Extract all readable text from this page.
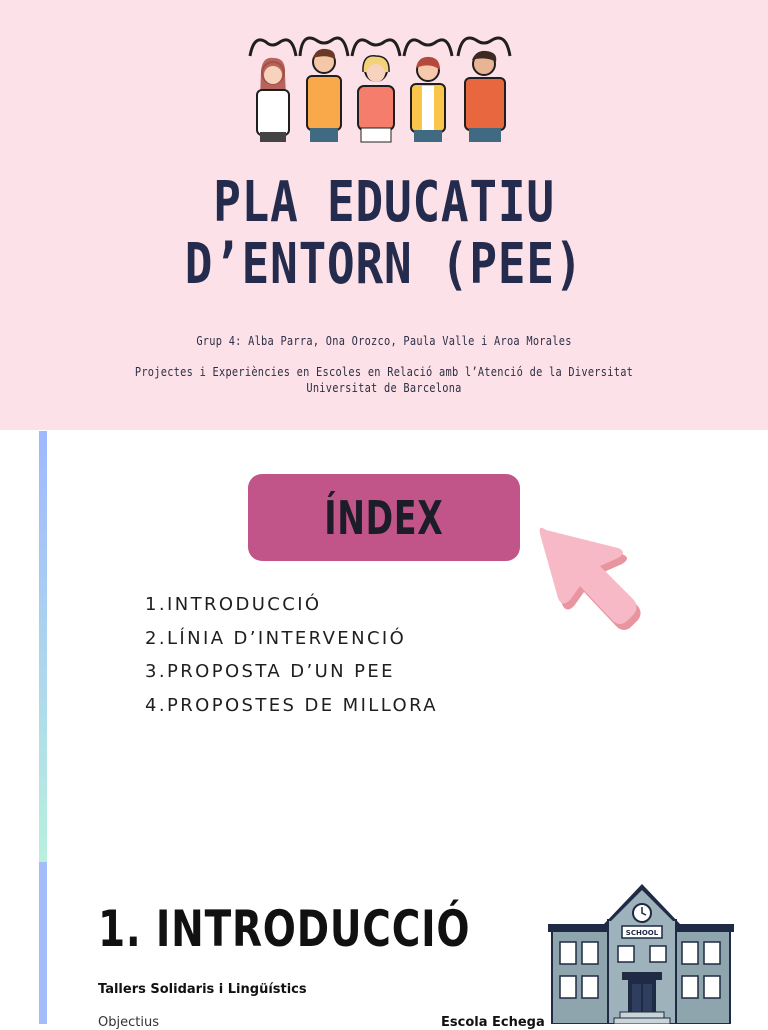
PLA EDUCATIU
D’ENTORN (PEE)
Grup 4: Alba Parra, Ona Orozco, Paula Valle i Aroa Morales
Projectes i Experiències en Escoles en Relació amb l’Atenció de la Diversitat
Universitat de Barcelona
ÍNDEX
1.INTRODUCCIÓ
2.LÍNIA D’INTERVENCIÓ
3.PROPOSTA D’UN PEE
4.PROPOSTES DE MILLORA
1. INTRODUCCIÓ
Tallers Solidaris i Lingüístics
Objectius	Escola Echega
SCHOOL
